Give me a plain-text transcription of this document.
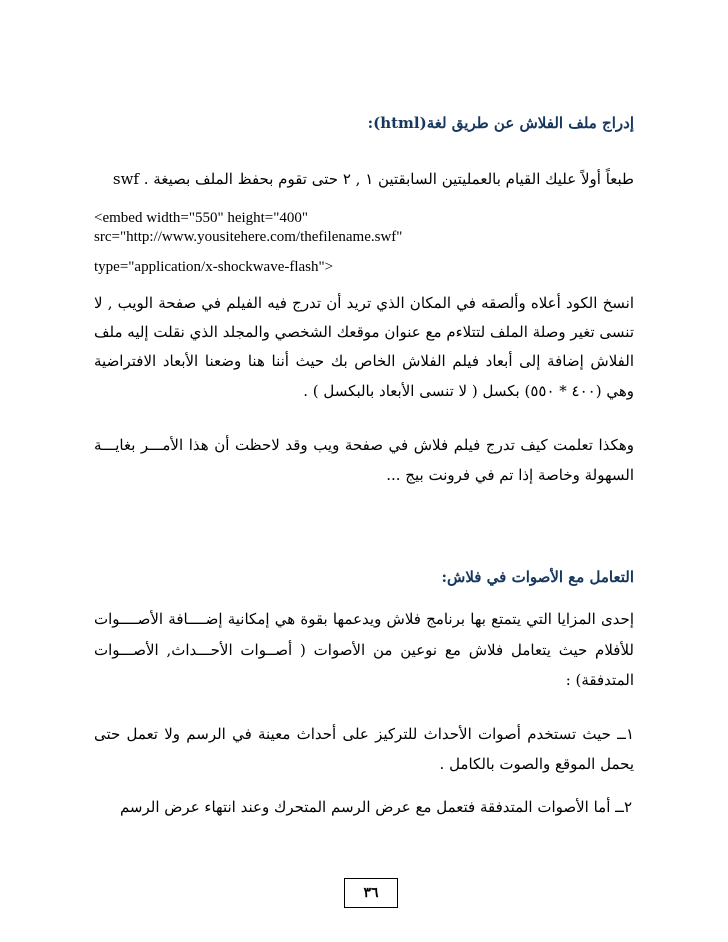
إدراج ملف الفلاش عن طريق لغة(html):
طبعاً أولاً عليك القيام بالعمليتين السابقتين ١ , ٢ حتى تقوم بحفظ الملف بصيغة . swf
<embed width="550" height="400"
src="http://www.yousitehere.com/thefilename.swf"
type="application/x-shockwave-flash">
انسخ الكود أعلاه وألصقه في المكان الذي تريد أن تدرج فيه الفيلم في صفحة الويب , لا
تنسى تغير وصلة الملف لتتلاءم مع عنوان موقعك الشخصي والمجلد الذي نقلت إليه ملف
الفلاش إضافة إلى أبعاد فيلم الفلاش الخاص بك حيث أننا هنا وضعنا الأبعاد الافتراضية
وهي (٤٠٠ * ٥٥٠) بكسل ( لا تنسى الأبعاد بالبكسل ) .
وهكذا تعلمت كيف تدرج فيلم فلاش في صفحة ويب وقد لاحظت أن هذا الأمـــر بغايـــة
السهولة وخاصة إذا تم في فرونت بيج ...
التعامل مع الأصوات في فلاش:
إحدى المزايا التي يتمتع بها برنامج فلاش ويدعمها بقوة هي إمكانية إضــــافة الأصــــوات
للأفلام حيث يتعامل فلاش مع نوعين من الأصوات ( أصــوات الأحـــداث, الأصـــوات
المتدفقة) :
١ــ حيث تستخدم أصوات الأحداث للتركيز على أحداث معينة في الرسم ولا تعمل حتى
يحمل الموقع والصوت بالكامل .
٢ــ أما الأصوات المتدفقة فتعمل مع عرض الرسم المتحرك وعند انتهاء عرض الرسم
٣٦
